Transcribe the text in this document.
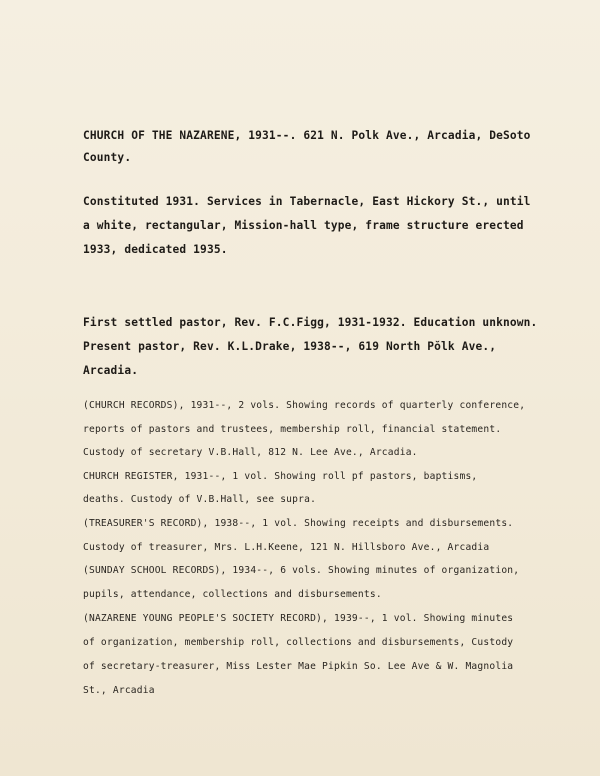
CHURCH OF THE NAZARENE, 1931--. 621 N. Polk Ave., Arcadia, DeSoto
County.
Constituted 1931. Services in Tabernacle, East Hickory St., until
a white, rectangular, Mission-hall type, frame structure erected
1933, dedicated 1935.
First settled pastor, Rev. F.C.Figg, 1931-1932. Education unknown.
Present pastor, Rev. K.L.Drake, 1938--, 619 North Pŏlk Ave.,
Arcadia.
(CHURCH RECORDS), 1931--, 2 vols. Showing records of quarterly conference,
reports of pastors and trustees, membership roll, financial statement.
Custody of secretary V.B.Hall, 812 N. Lee Ave., Arcadia.
CHURCH REGISTER, 1931--, 1 vol. Showing roll pf pastors, baptisms,
deaths. Custody of V.B.Hall, see supra.
(TREASURER'S RECORD), 1938--, 1 vol. Showing receipts and disbursements.
Custody of treasurer, Mrs. L.H.Keene, 121 N. Hillsboro Ave., Arcadia
(SUNDAY SCHOOL RECORDS), 1934--, 6 vols. Showing minutes of organization,
pupils, attendance, collections and disbursements.
(NAZARENE YOUNG PEOPLE'S SOCIETY RECORD), 1939--, 1 vol. Showing minutes
of organization, membership roll, collections and disbursements, Custody
of secretary-treasurer, Miss Lester Mae Pipkin So. Lee Ave & W. Magnolia
St., Arcadia
